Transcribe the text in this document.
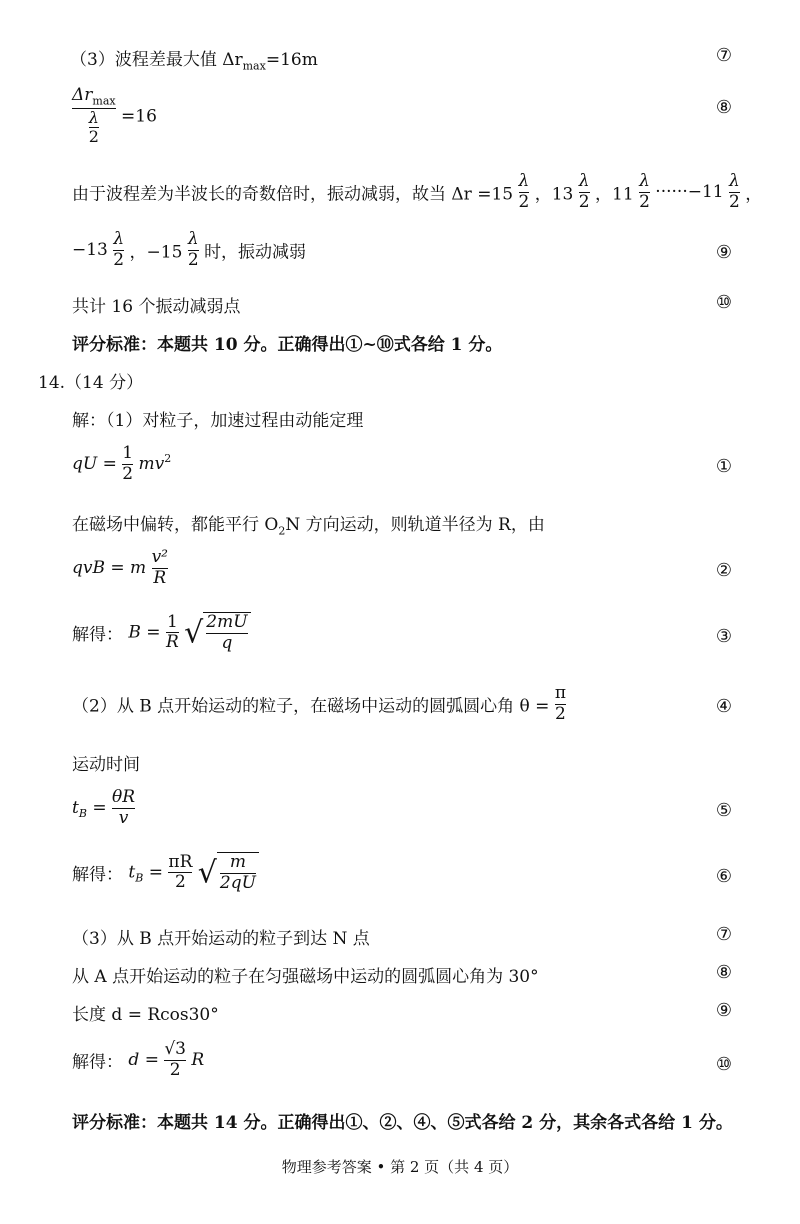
（3）波程差最大值 $\Delta r_{max}=16m$	⑦
$\frac{\Delta r_{max}}{\frac{\lambda}{2}} =16$	⑧
由于波程差为半波长的奇数倍时，振动减弱，故当 $\Delta r =15 \frac{\lambda}{2}$ ，$13 \frac{\lambda}{2}$ ，$11 \frac{\lambda}{2} \cdot\cdot\cdot\cdot\cdot\cdot-11 \frac{\lambda}{2}$ ，
$-13 \frac{\lambda}{2}$ ，$-15 \frac{\lambda}{2}$ 时，振动减弱	⑨
共计 16 个振动减弱点	⑩
评分标准：本题共 10 分。正确得出①~⑩式各给 1 分。
14.（14 分）
解：（1）对粒子，加速过程由动能定理
qU = $\frac{1}{2} mv^2$	①
在磁场中偏转，都能平行 $O_2N$ 方向运动，则轨道半径为 R，由
qvB = m $\frac{\text{v²}}{R}$	②
解得： $B = \frac{1}{R}$ √ $\frac{2mU}{q}$	③
（2）从 B 点开始运动的粒子，在磁场中运动的圆弧圆心角 $\theta = \frac{\pi}{2}$	④
运动时间
$t_B = \frac{\theta R}{v}$	⑤
解得： $t_B = \frac{\pi R}{2}$ √ $\frac{m}{2qU}$	⑥
（3）从 B 点开始运动的粒子到达 N 点	⑦
从 A 点开始运动的粒子在匀强磁场中运动的圆弧圆心角为 30°	⑧
长度 d = Rcos30°	⑨
解得： $d = \frac{√3}{2}$ R	⑩
评分标准：本题共 14 分。正确得出①、②、④、⑤式各给 2 分，其余各式各给 1 分。
物理参考答案 • 第 2 页（共 4 页）
